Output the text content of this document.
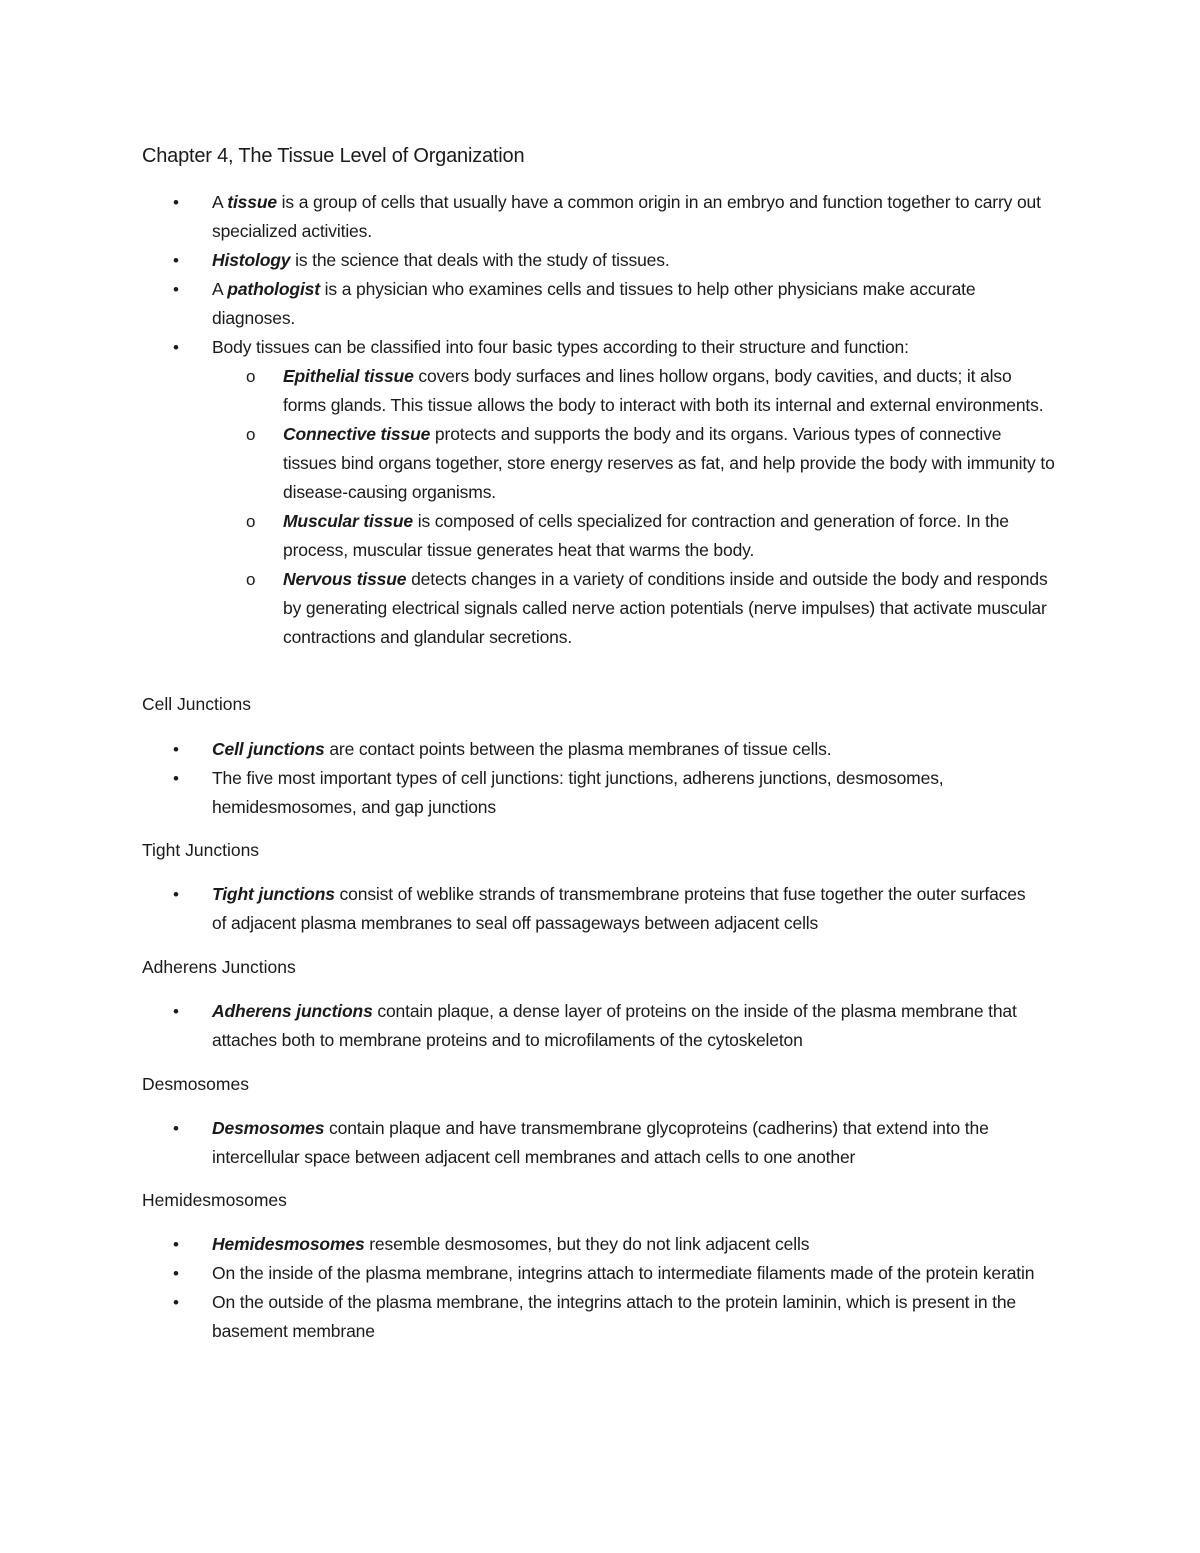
Chapter 4, The Tissue Level of Organization
• A tissue is a group of cells that usually have a common origin in an embryo and function together to carry out specialized activities.
• Histology is the science that deals with the study of tissues.
• A pathologist is a physician who examines cells and tissues to help other physicians make accurate diagnoses.
• Body tissues can be classified into four basic types according to their structure and function:
o Epithelial tissue covers body surfaces and lines hollow organs, body cavities, and ducts; it also forms glands. This tissue allows the body to interact with both its internal and external environments.
o Connective tissue protects and supports the body and its organs. Various types of connective tissues bind organs together, store energy reserves as fat, and help provide the body with immunity to disease-causing organisms.
o Muscular tissue is composed of cells specialized for contraction and generation of force. In the process, muscular tissue generates heat that warms the body.
o Nervous tissue detects changes in a variety of conditions inside and outside the body and responds by generating electrical signals called nerve action potentials (nerve impulses) that activate muscular contractions and glandular secretions.
Cell Junctions
• Cell junctions are contact points between the plasma membranes of tissue cells.
• The five most important types of cell junctions: tight junctions, adherens junctions, desmosomes, hemidesmosomes, and gap junctions
Tight Junctions
• Tight junctions consist of weblike strands of transmembrane proteins that fuse together the outer surfaces of adjacent plasma membranes to seal off passageways between adjacent cells
Adherens Junctions
• Adherens junctions contain plaque, a dense layer of proteins on the inside of the plasma membrane that attaches both to membrane proteins and to microfilaments of the cytoskeleton
Desmosomes
• Desmosomes contain plaque and have transmembrane glycoproteins (cadherins) that extend into the intercellular space between adjacent cell membranes and attach cells to one another
Hemidesmosomes
• Hemidesmosomes resemble desmosomes, but they do not link adjacent cells
• On the inside of the plasma membrane, integrins attach to intermediate filaments made of the protein keratin
• On the outside of the plasma membrane, the integrins attach to the protein laminin, which is present in the basement membrane
